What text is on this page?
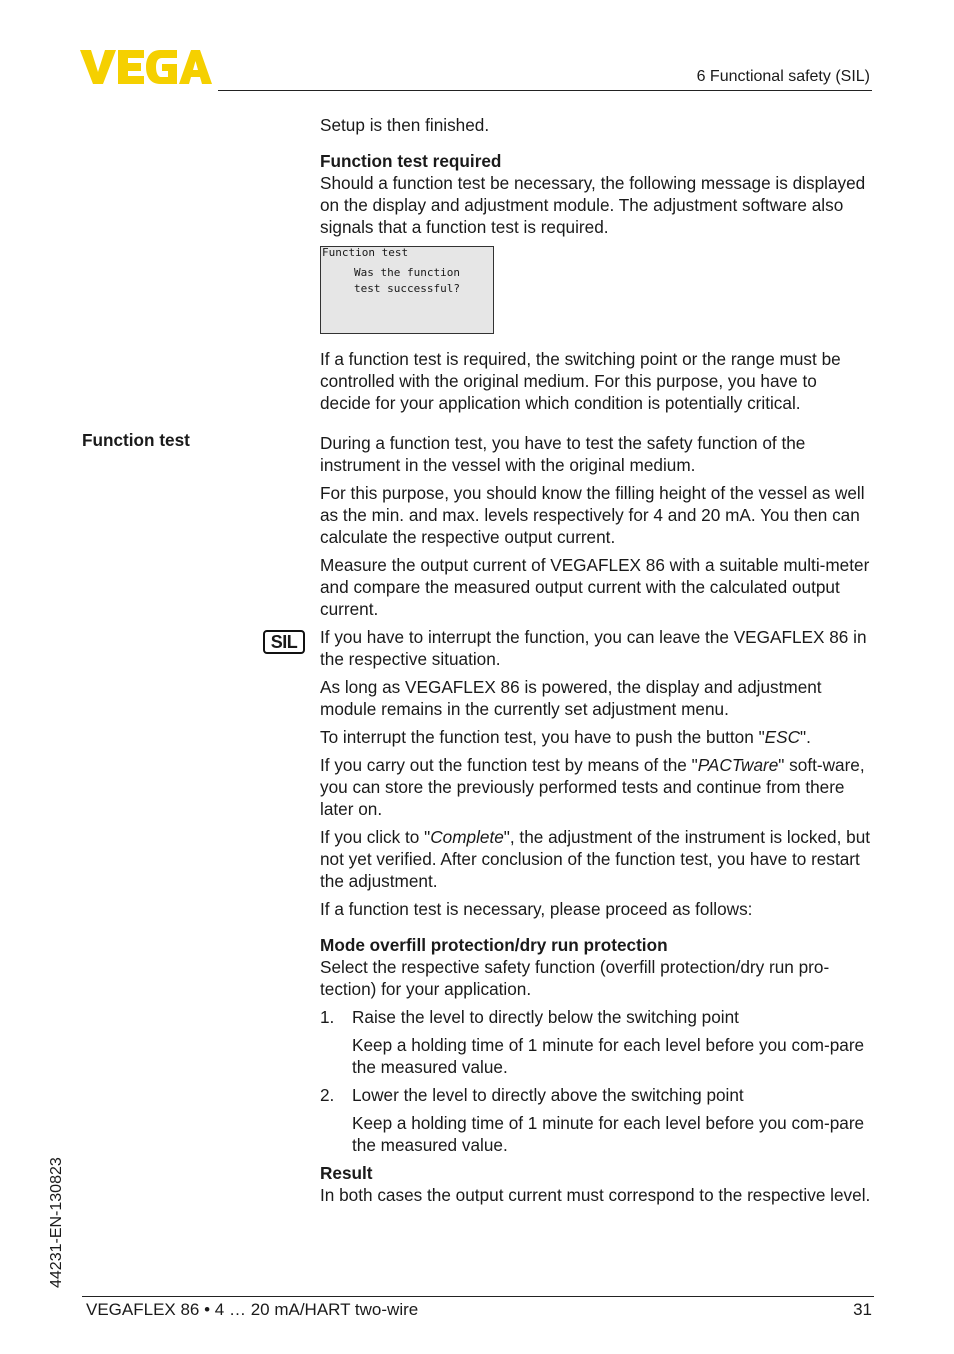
6 Functional safety (SIL)
Function test
SIL

Setup is then finished.

Function test required

Should a function test be necessary, the following message is displayed on the display and adjustment module. The adjustment software also signals that a function test is required.

Function test
Was the function
test successful?

If a function test is required, the switching point or the range must be controlled with the original medium. For this purpose, you have to decide for your application which condition is potentially critical.

During a function test, you have to test the safety function of the instrument in the vessel with the original medium.

For this purpose, you should know the filling height of the vessel as well as the min. and max. levels respectively for 4 and 20 mA. You then can calculate the respective output current.

Measure the output current of VEGAFLEX 86 with a suitable multi-meter and compare the measured output current with the calculated output current.

If you have to interrupt the function, you can leave the VEGAFLEX 86 in the respective situation.

As long as VEGAFLEX 86 is powered, the display and adjustment module remains in the currently set adjustment menu.

To interrupt the function test, you have to push the button "ESC".

If you carry out the function test by means of the "PACTware" soft-ware, you can store the previously performed tests and continue from there later on.

If you click to "Complete", the adjustment of the instrument is locked, but not yet verified. After conclusion of the function test, you have to restart the adjustment.

If a function test is necessary, please proceed as follows:

Mode overfill protection/dry run protection

Select the respective safety function (overfill protection/dry run pro-tection) for your application.

1. Raise the level to directly below the switching point

Keep a holding time of 1 minute for each level before you com-pare the measured value.

2. Lower the level to directly above the switching point

Keep a holding time of 1 minute for each level before you com-pare the measured value.

Result

In both cases the output current must correspond to the respective level.

44231-EN-130823
VEGAFLEX 86 • 4 … 20 mA/HART two-wire	31
